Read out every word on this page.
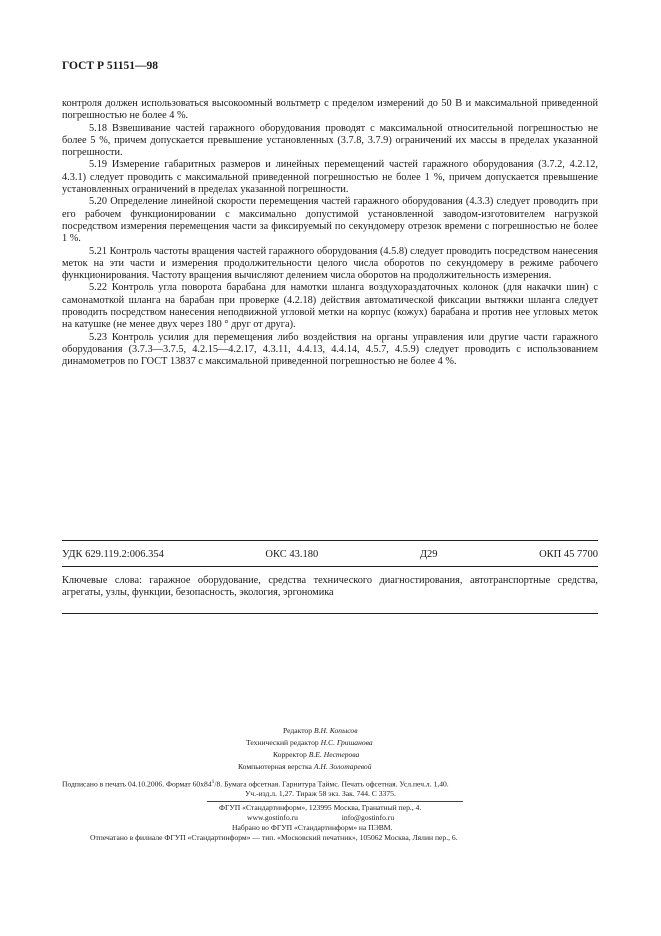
ГОСТ Р 51151—98

контроля должен использоваться высокоомный вольтметр с пределом измерений до 50 В и максимальной приведенной погрешностью не более 4 %.

5.18 Взвешивание частей гаражного оборудования проводят с максимальной относительной погрешностью не более 5 %, причем допускается превышение установленных (3.7.8, 3.7.9) ограничений их массы в пределах указанной погрешности.

5.19 Измерение габаритных размеров и линейных перемещений частей гаражного оборудования (3.7.2, 4.2.12, 4.3.1) следует проводить с максимальной приведенной погрешностью не более 1 %, причем допускается превышение установленных ограничений в пределах указанной погрешности.

5.20 Определение линейной скорости перемещения частей гаражного оборудования (4.3.3) следует проводить при его рабочем функционировании с максимально допустимой установленной заводом-изготовителем нагрузкой посредством измерения перемещения части за фиксируемый по секундомеру отрезок времени с погрешностью не более 1 %.

5.21 Контроль частоты вращения частей гаражного оборудования (4.5.8) следует проводить посредством нанесения меток на эти части и измерения продолжительности целого числа оборотов по секундомеру в режиме рабочего функционирования. Частоту вращения вычисляют делением числа оборотов на продолжительность измерения.

5.22 Контроль угла поворота барабана для намотки шланга воздухораздаточных колонок (для накачки шин) с самонамоткой шланга на барабан при проверке (4.2.18) действия автоматической фиксации вытяжки шланга следует проводить посредством нанесения неподвижной угловой метки на корпус (кожух) барабана и против нее угловых меток на катушке (не менее двух через 180 ° друг от друга).

5.23 Контроль усилия для перемещения либо воздействия на органы управления или другие части гаражного оборудования (3.7.3—3.7.5, 4.2.15—4.2.17, 4.3.11, 4.4.13, 4.4.14, 4.5.7, 4.5.9) следует проводить с использованием динамометров по ГОСТ 13837 с максимальной приведенной погрешностью не более 4 %.

УДК 629.119.2:006.354	ОКС 43.180	Д29	ОКП 45 7700
Ключевые слова: гаражное оборудование, средства технического диагностирования, автотранспортные средства, агрегаты, узлы, функции, безопасность, экология, эргономика
Редактор В.Н. Копысов
Технический редактор Н.С. Гришанова
Корректор В.Е. Нестерова
Компьютерная верстка А.Н. Золотаревой
Подписано в печать 04.10.2006. Формат $60х84^1/8$. Бумага офсетная. Гарнитура Таймс. Печать офсетная. Усл.печ.л. 1,40.
Уч.-изд.л. 1,27. Тираж 58 экз. Зак. 744. С 3375.
ФГУП «Стандартинформ», 123995 Москва, Гранатный пер., 4.
www.gostinfo.ru	info@gostinfo.ru
Набрано во ФГУП «Стандартинформ» на ПЭВМ.
Отпечатано в филиале ФГУП «Стандартинформ» — тип. «Московский печатник», 105062 Москва, Лялин пер., 6.
